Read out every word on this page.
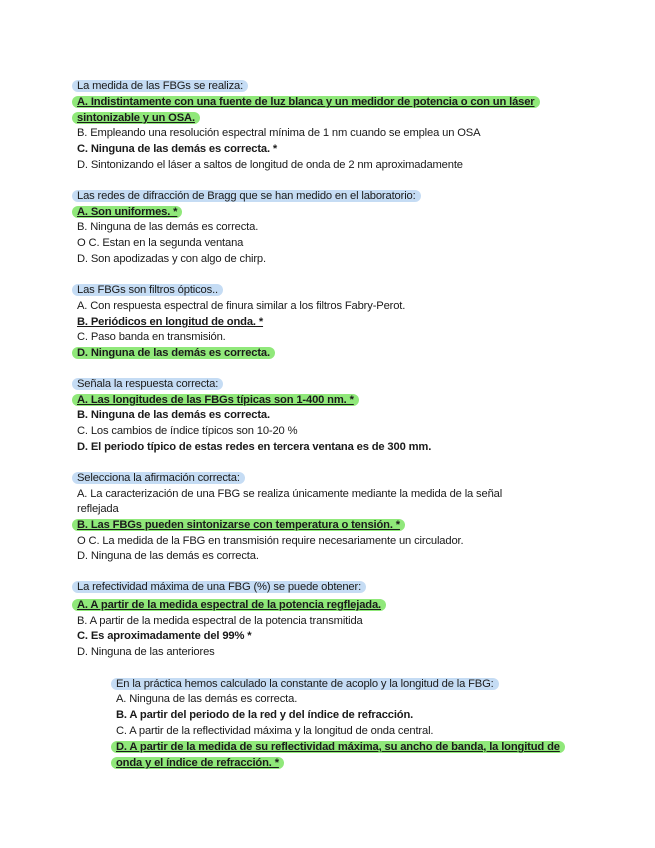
La medida de las FBGs se realiza:
A. Indistintamente con una fuente de luz blanca y un medidor de potencia o con un láser
sintonizable y un OSA.
B. Empleando una resolución espectral mínima de 1 nm cuando se emplea un OSA
C. Ninguna de las demás es correcta. *
D. Sintonizando el láser a saltos de longitud de onda de 2 nm aproximadamente
Las redes de difracción de Bragg que se han medido en el laboratorio:
A. Son uniformes. *
B. Ninguna de las demás es correcta.
O C. Estan en la segunda ventana
D. Son apodizadas y con algo de chirp.
Las FBGs son filtros ópticos..
A. Con respuesta espectral de finura similar a los filtros Fabry-Perot.
B. Periódicos en longitud de onda. *
C. Paso banda en transmisión.
D. Ninguna de las demás es correcta.
Señala la respuesta correcta:
A. Las longitudes de las FBGs típicas son 1-400 nm. *
B. Ninguna de las demás es correcta.
C. Los cambios de índice típicos son 10-20 %
D. El periodo típico de estas redes en tercera ventana es de 300 mm.
Selecciona la afirmación correcta:
A. La caracterización de una FBG se realiza únicamente mediante la medida de la señal
reflejada
B. Las FBGs pueden sintonizarse con temperatura o tensión. *
O C. La medida de la FBG en transmisión require necesariamente un circulador.
D. Ninguna de las demás es correcta.
La refectividad máxima de una FBG (%) se puede obtener:
A. A partir de la medida espectral de la potencia regflejada.
B. A partir de la medida espectral de la potencia transmitida
C. Es aproximadamente del 99% *
D. Ninguna de las anteriores
En la práctica hemos calculado la constante de acoplo y la longitud de la FBG:
A. Ninguna de las demás es correcta.
B. A partir del periodo de la red y del índice de refracción.
C. A partir de la reflectividad máxima y la longitud de onda central.
D. A partir de la medida de su reflectividad máxima, su ancho de banda, la longitud de
onda y el índice de refracción. *
